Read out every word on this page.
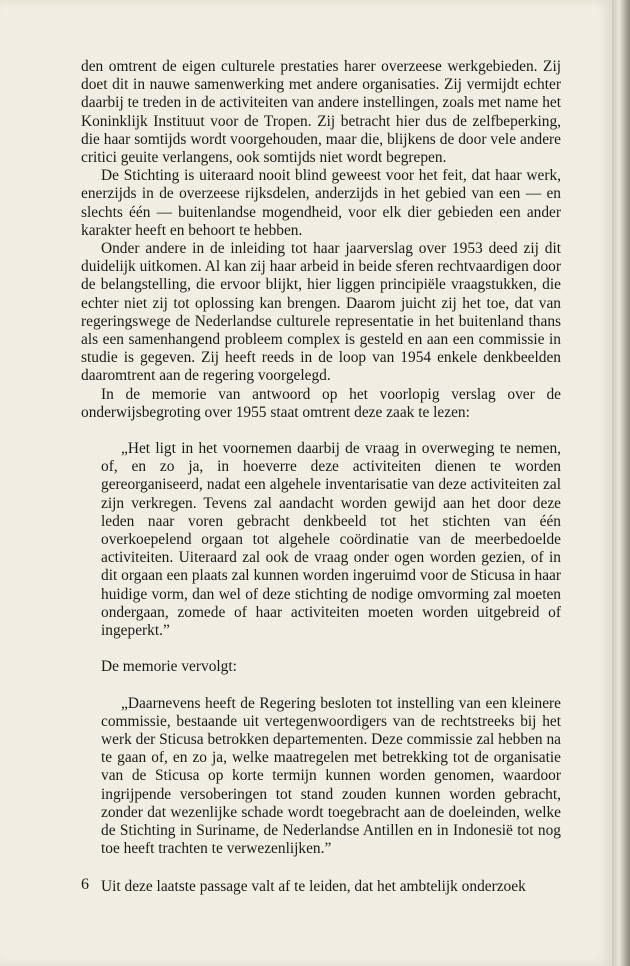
den omtrent de eigen culturele prestaties harer overzeese werkgebieden. Zij doet dit in nauwe samenwerking met andere organisaties. Zij vermijdt echter daarbij te treden in de activiteiten van andere instellingen, zoals met name het Koninklijk Instituut voor de Tropen. Zij betracht hier dus de zelfbeperking, die haar somtijds wordt voorgehouden, maar die, blijkens de door vele andere critici geuite verlangens, ook somtijds niet wordt begrepen.

De Stichting is uiteraard nooit blind geweest voor het feit, dat haar werk, enerzijds in de overzeese rijksdelen, anderzijds in het gebied van een — en slechts één — buitenlandse mogendheid, voor elk dier gebieden een ander karakter heeft en behoort te hebben.

Onder andere in de inleiding tot haar jaarverslag over 1953 deed zij dit duidelijk uitkomen. Al kan zij haar arbeid in beide sferen rechtvaardigen door de belangstelling, die ervoor blijkt, hier liggen principiële vraagstukken, die echter niet zij tot oplossing kan brengen. Daarom juicht zij het toe, dat van regeringswege de Nederlandse culturele representatie in het buitenland thans als een samenhangend probleem complex is gesteld en aan een commissie in studie is gegeven. Zij heeft reeds in de loop van 1954 enkele denkbeelden daaromtrent aan de regering voorgelegd.

In de memorie van antwoord op het voorlopig verslag over de onderwijsbegroting over 1955 staat omtrent deze zaak te lezen:

„Het ligt in het voornemen daarbij de vraag in overweging te nemen, of, en zo ja, in hoeverre deze activiteiten dienen te worden gereorganiseerd, nadat een algehele inventarisatie van deze activiteiten zal zijn verkregen. Tevens zal aandacht worden gewijd aan het door deze leden naar voren gebracht denkbeeld tot het stichten van één overkoepelend orgaan tot algehele coördinatie van de meerbedoelde activiteiten. Uiteraard zal ook de vraag onder ogen worden gezien, of in dit orgaan een plaats zal kunnen worden ingeruimd voor de Sticusa in haar huidige vorm, dan wel of deze stichting de nodige omvorming zal moeten ondergaan, zomede of haar activiteiten moeten worden uitgebreid of ingeperkt.”

De memorie vervolgt:

„Daarnevens heeft de Regering besloten tot instelling van een kleinere commissie, bestaande uit vertegenwoordigers van de rechtstreeks bij het werk der Sticusa betrokken departementen. Deze commissie zal hebben na te gaan of, en zo ja, welke maatregelen met betrekking tot de organisatie van de Sticusa op korte termijn kunnen worden genomen, waardoor ingrijpende versoberingen tot stand zouden kunnen worden gebracht, zonder dat wezenlijke schade wordt toegebracht aan de doeleinden, welke de Stichting in Suriname, de Nederlandse Antillen en in Indonesië tot nog toe heeft trachten te verwezenlijken.”

Uit deze laatste passage valt af te leiden, dat het ambtelijk onderzoek

6
